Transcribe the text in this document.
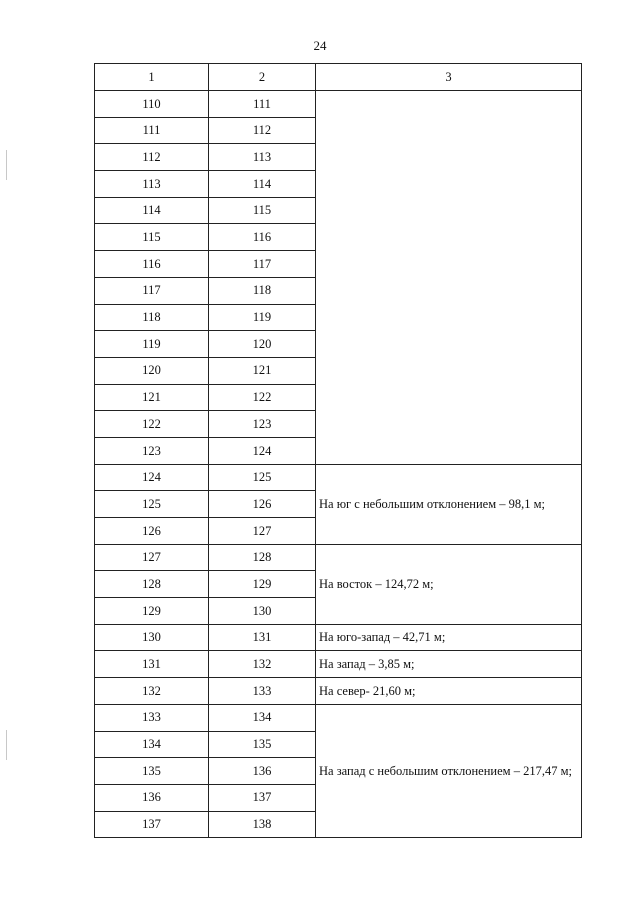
24
1	2	3
110	111	
111	112	
112	113	
113	114	
114	115	
115	116	
116	117	
117	118	
118	119	
119	120	
120	121	
121	122	
122	123	
123	124	
124	125	На юг с небольшим отклонением – 98,1 м;
125	126	
126	127	
127	128	На восток – 124,72 м;
128	129	
129	130	
130	131	На юго-запад – 42,71 м;
131	132	На запад – 3,85 м;
132	133	На север- 21,60 м;
133	134	На запад с небольшим отклонением – 217,47 м;
134	135	
135	136	
136	137	
137	138	
